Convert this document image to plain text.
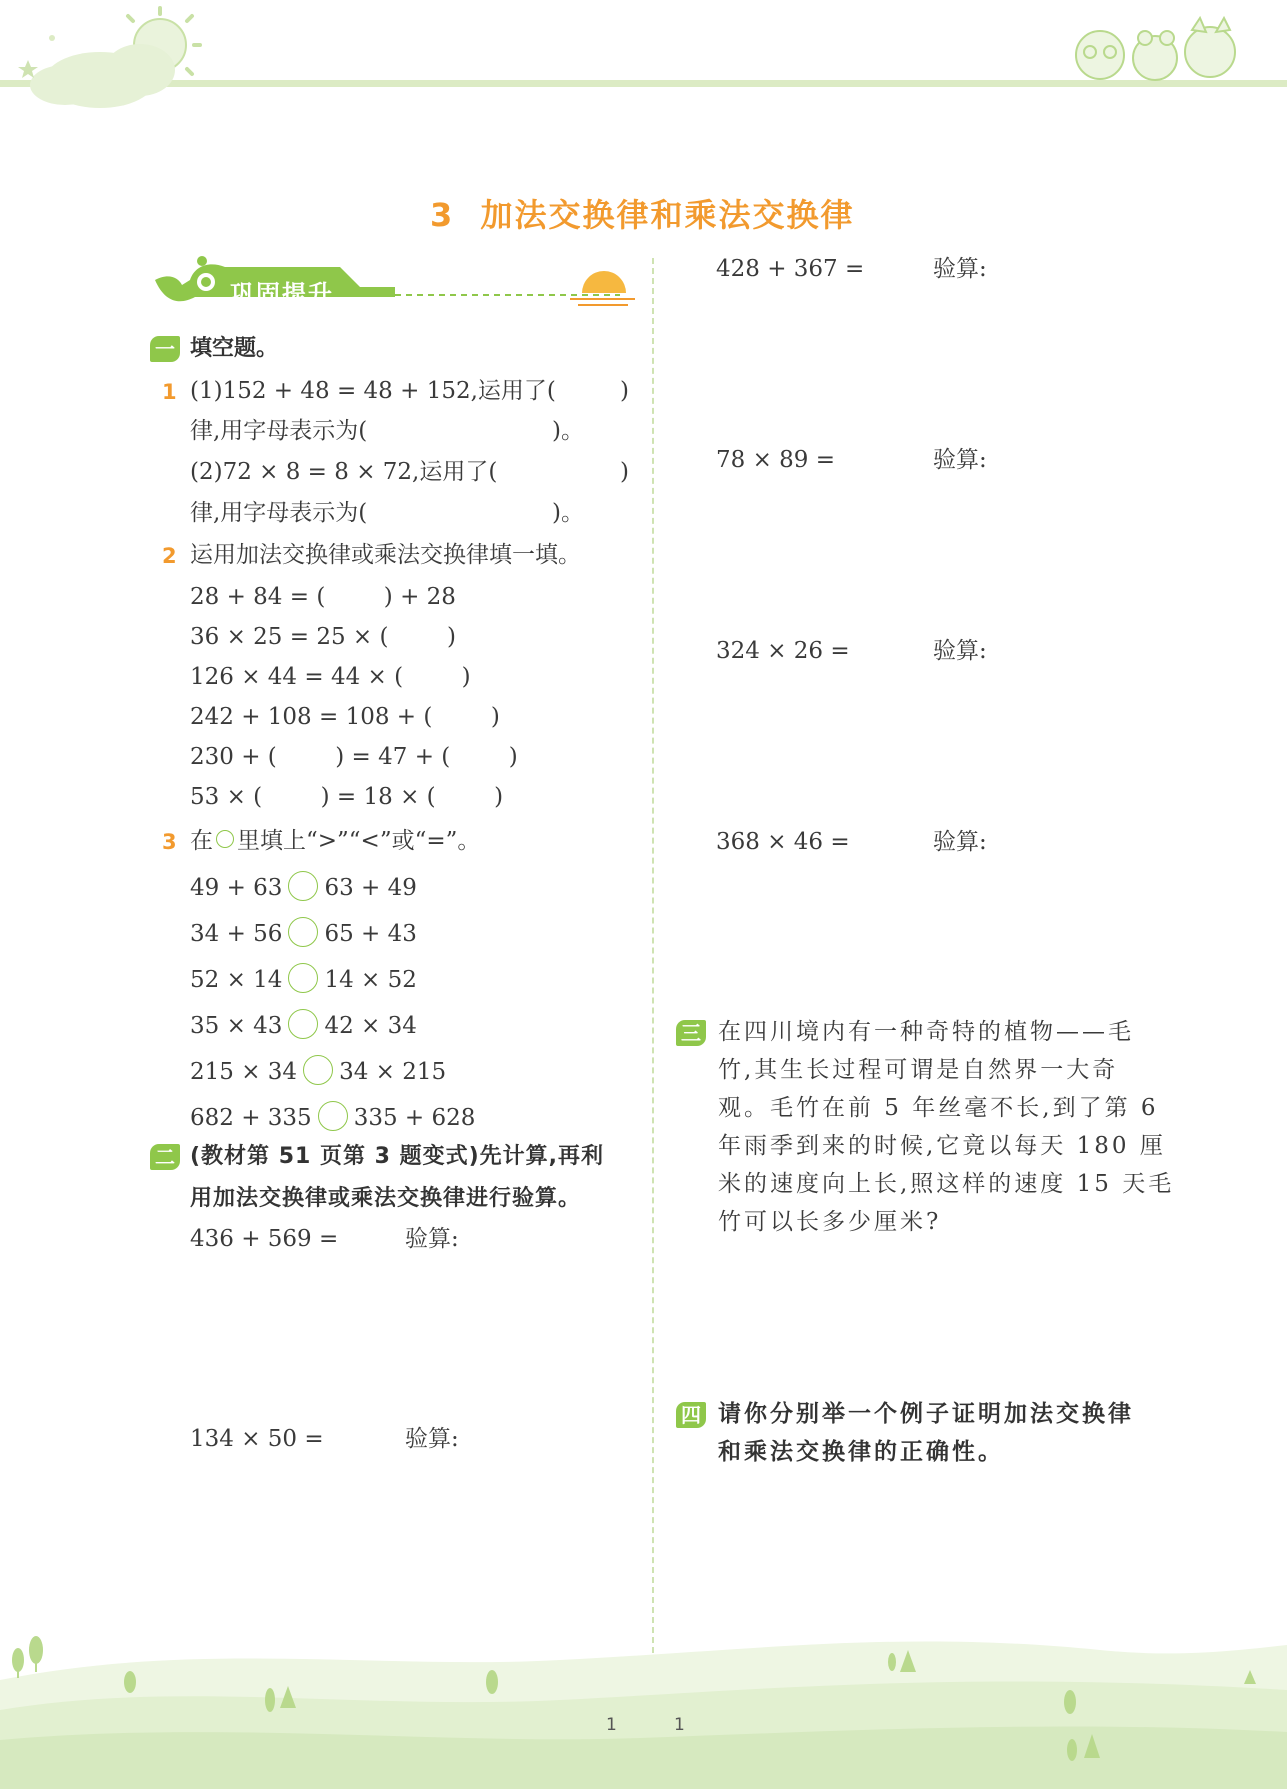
3  加法交换律和乘法交换律
巩固提升
一 填空题。
1 (1)152 + 48 = 48 + 152,运用了(	)
律,用字母表示为(	)。
(2)72 × 8 = 8 × 72,运用了(	)
律,用字母表示为(	)。
2 运用加法交换律或乘法交换律填一填。
28 + 84 = (        ) + 28
36 × 25 = 25 × (        )
126 × 44 = 44 × (        )
242 + 108 = 108 + (        )
230 + (        ) = 47 + (        )
53 × (        ) = 18 × (        )
3 在 里填上“>”“<”或“=”。
49 + 63 63 + 49
34 + 56 65 + 43
52 × 14 14 × 52
35 × 43 42 × 34
215 × 34 34 × 215
682 + 335 335 + 628
二 (教材第 51 页第 3 题变式)先计算,再利
用加法交换律或乘法交换律进行验算。
436 + 569 =	验算:
134 × 50 =	验算:
428 + 367 =	验算:
78 × 89 =	验算:
324 × 26 =	验算:
368 × 46 =	验算:
三 在四川境内有一种奇特的植物——毛
竹,其生长过程可谓是自然界一大奇
观。毛竹在前 5 年丝毫不长,到了第 6
年雨季到来的时候,它竟以每天 180 厘
米的速度向上长,照这样的速度 15 天毛
竹可以长多少厘米?
四 请你分别举一个例子证明加法交换律
和乘法交换律的正确性。
1	1
